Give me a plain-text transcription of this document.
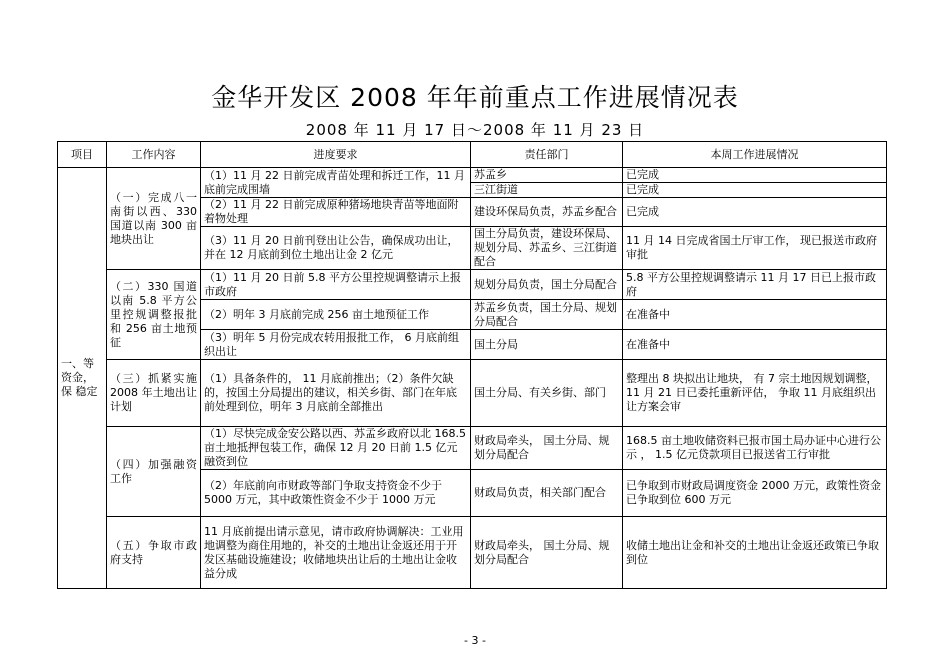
金华开发区 2008 年年前重点工作进展情况表
2008 年 11 月 17 日～2008 年 11 月 23 日
项目	工作内容	进度要求	责任部门	本周工作进展情况
一、等资金，保 稳定	（一）完成八一南街以西、330 国道以南 300 亩地块出让	（1）11 月 22 日前完成青苗处理和拆迁工作，11 月底前完成围墙	苏孟乡	已完成
			三江街道	已完成
		（2）11 月 22 日前完成原种猪场地块青苗等地面附着物处理	建设环保局负责，苏孟乡配合	已完成
		（3）11 月 20 日前刊登出让公告，确保成功出让，并在 12 月底前到位土地出让金 2 亿元	国土分局负责，建设环保局、规划分局、苏孟乡、三江街道配合	11 月 14 日完成省国土厅审工作， 现已报送市政府审批
	（二）330 国道以南 5.8 平方公里控规调整报批和 256 亩土地预征	（1）11 月 20 日前 5.8 平方公里控规调整请示上报市政府	规划分局负责，国土分局配合	5.8 平方公里控规调整请示 11 月 17 日已上报市政府
		（2）明年 3 月底前完成 256 亩土地预征工作	苏孟乡负责，国土分局、规划分局配合	在准备中
		（3）明年 5 月份完成农转用报批工作， 6 月底前组织出让	国土分局	在准备中
	（三）抓紧实施 2008 年土地出让计划	（1）具备条件的， 11 月底前推出；（2）条件欠缺的，按国土分局提出的建议，相关乡街、部门在年底前处理到位，明年 3 月底前全部推出	国土分局、有关乡街、部门	整理出 8 块拟出让地块， 有 7 宗土地因规划调整， 11 月 21 日已委托重新评估， 争取 11 月底组织出让方案会审
	（四）加强融资工作	（1）尽快完成金安公路以西、苏孟乡政府以北 168.5 亩土地抵押包装工作，确保 12 月 20 日前 1.5 亿元融资到位	财政局牵头， 国土分局、规划分局配合	168.5 亩土地收储资料已报市国土局办证中心进行公示 ， 1.5 亿元贷款项目已报送省工行审批
		（2）年底前向市财政等部门争取支持资金不少于 5000 万元，其中政策性资金不少于 1000 万元	财政局负责，相关部门配合	已争取到市财政局调度资金 2000 万元，政策性资金已争取到位 600 万元
	（五）争取市政府支持	11 月底前提出请示意见，请市政府协调解决：工业用地调整为商住用地的，补交的土地出让金返还用于开发区基础设施建设；收储地块出让后的土地出让金收益分成	财政局牵头， 国土分局、规划分局配合	收储土地出让金和补交的土地出让金返还政策已争取到位
- 3 -
